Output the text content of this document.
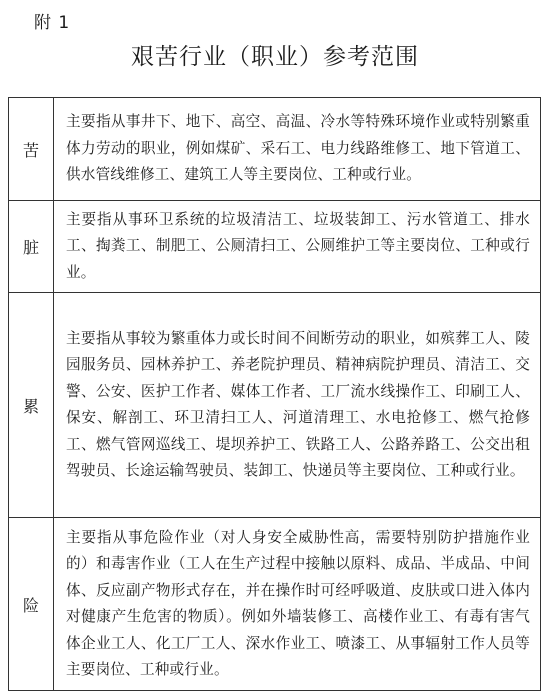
附 1
艰苦行业（职业）参考范围
苦	主要指从事井下、地下、高空、高温、冷水等特殊环境作业或特别繁重体力劳动的职业，例如煤矿、采石工、电力线路维修工、地下管道工、供水管线维修工、建筑工人等主要岗位、工种或行业。
脏	主要指从事环卫系统的垃圾清洁工、垃圾装卸工、污水管道工、排水工、掏粪工、制肥工、公厕清扫工、公厕维护工等主要岗位、工种或行业。
累	主要指从事较为繁重体力或长时间不间断劳动的职业，如殡葬工人、陵园服务员、园林养护工、养老院护理员、精神病院护理员、清洁工、交警、公安、医护工作者、媒体工作者、工厂流水线操作工、印刷工人、保安、解剖工、环卫清扫工人、河道清理工、水电抢修工、燃气抢修工、燃气管网巡线工、堤坝养护工、铁路工人、公路养路工、公交出租驾驶员、长途运输驾驶员、装卸工、快递员等主要岗位、工种或行业。
险	主要指从事危险作业（对人身安全威胁性高，需要特别防护措施作业的）和毒害作业（工人在生产过程中接触以原料、成品、半成品、中间体、反应副产物形式存在，并在操作时可经呼吸道、皮肤或口进入体内对健康产生危害的物质）。例如外墙装修工、高楼作业工、有毒有害气体企业工人、化工厂工人、深水作业工、喷漆工、从事辐射工作人员等主要岗位、工种或行业。
